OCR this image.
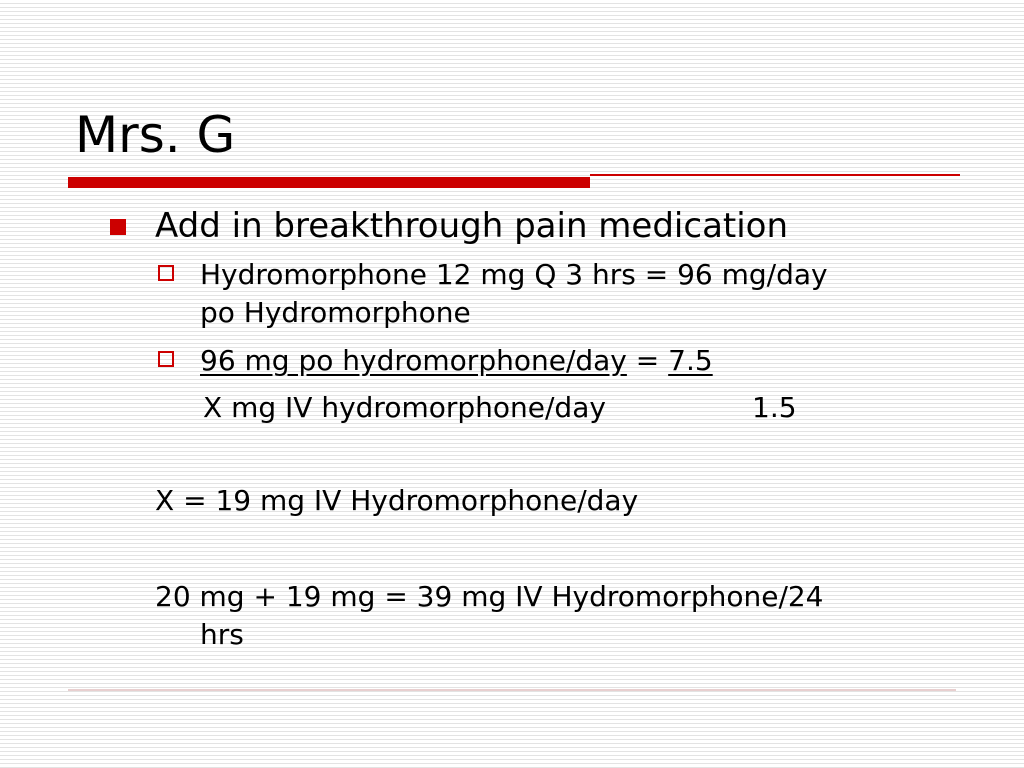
Mrs. G
Add in breakthrough pain medication
Hydromorphone 12 mg Q 3 hrs = 96 mg/day
po Hydromorphone
96 mg po hydromorphone/day = 7.5
X mg IV hydromorphone/day	1.5
X = 19 mg IV Hydromorphone/day
20 mg + 19 mg = 39 mg IV Hydromorphone/24
hrs
